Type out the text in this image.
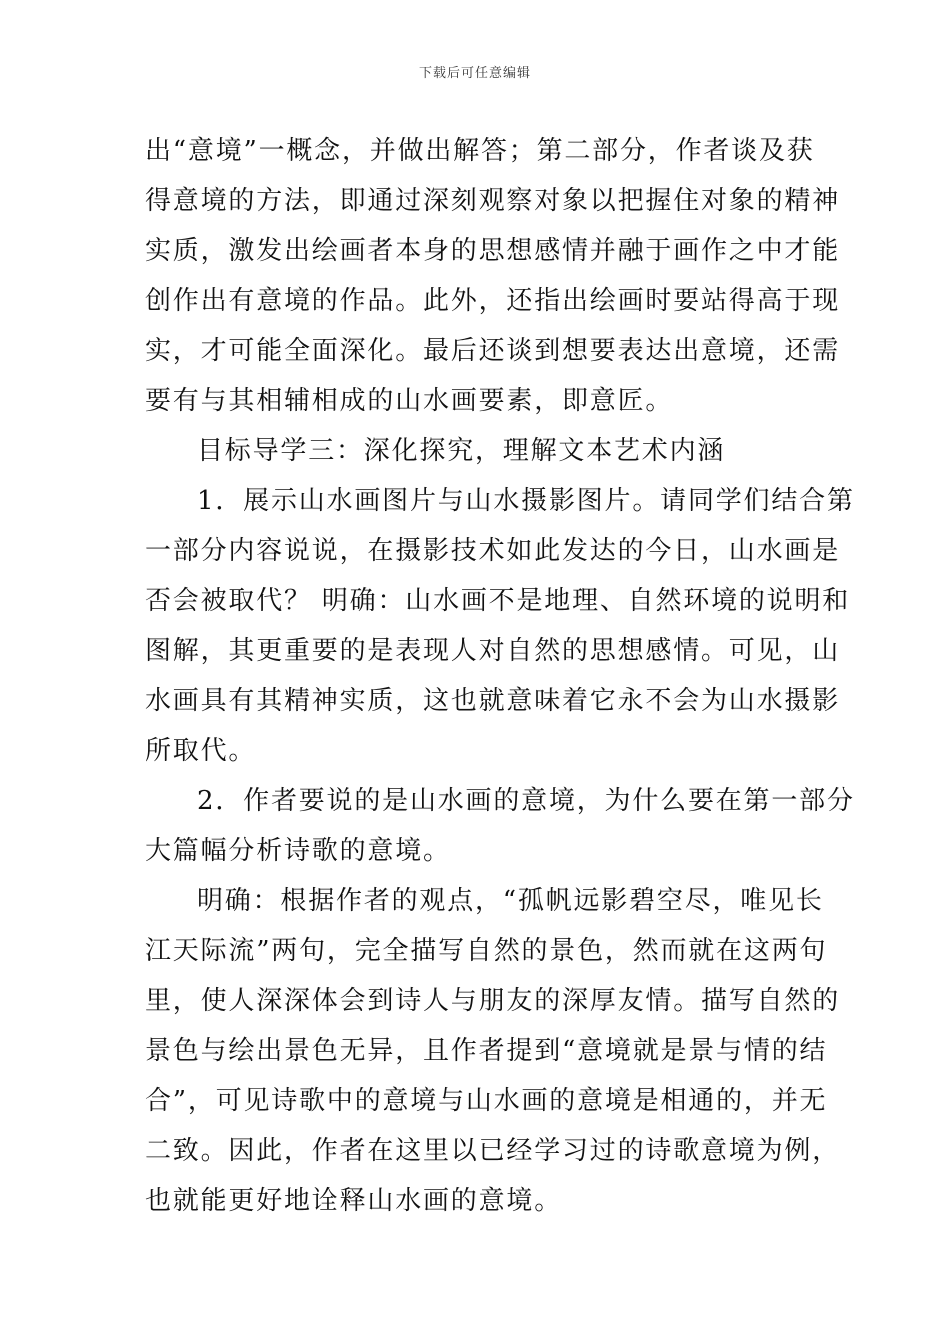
下载后可任意编辑
出“意境”一概念，并做出解答；第二部分，作者谈及获
得意境的方法，即通过深刻观察对象以把握住对象的精神
实质，激发出绘画者本身的思想感情并融于画作之中才能
创作出有意境的作品。此外，还指出绘画时要站得高于现
实，才可能全面深化。最后还谈到想要表达出意境，还需
要有与其相辅相成的山水画要素，即意匠。
目标导学三：深化探究，理解文本艺术内涵
1．展示山水画图片与山水摄影图片。请同学们结合第
一部分内容说说，在摄影技术如此发达的今日，山水画是
否会被取代？ 明确：山水画不是地理、自然环境的说明和
图解，其更重要的是表现人对自然的思想感情。可见，山
水画具有其精神实质，这也就意味着它永不会为山水摄影
所取代。
2．作者要说的是山水画的意境，为什么要在第一部分
大篇幅分析诗歌的意境。
明确：根据作者的观点，“孤帆远影碧空尽，唯见长
江天际流”两句，完全描写自然的景色，然而就在这两句
里，使人深深体会到诗人与朋友的深厚友情。描写自然的
景色与绘出景色无异，且作者提到“意境就是景与情的结
合”，可见诗歌中的意境与山水画的意境是相通的，并无
二致。因此，作者在这里以已经学习过的诗歌意境为例，
也就能更好地诠释山水画的意境。
